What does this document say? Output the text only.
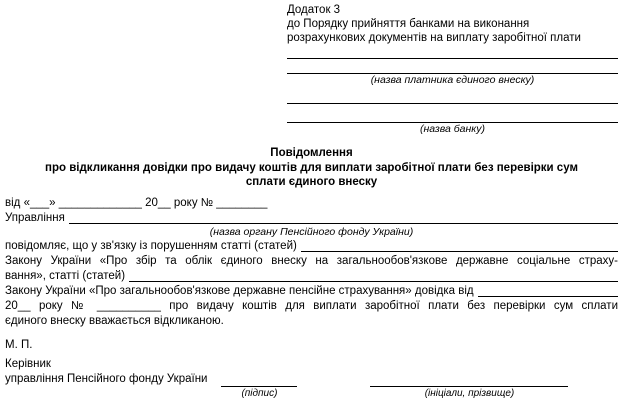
Додаток 3
до Порядку прийняття банками на виконання
розрахункових документів на виплату заробітної плати
(назва платника єдиного внеску)
(назва банку)
Повідомлення
про відкликання довідки про видачу коштів для виплати заробітної плати без перевірки сум
сплати єдиного внеску
від «___» _____________ 20__ року № ________
Управління
(назва органу Пенсійного фонду України)
повідомляє, що у зв'язку із порушенням статті (статей)
Закону України «Про збір та облік єдиного внеску на загальнообов'язкове державне соціальне страху-
вання», статті (статей)
Закону України «Про загальнообов'язкове державне пенсійне страхування» довідка від
20__ року № __________ про видачу коштів для виплати заробітної плати без перевірки сум сплати
єдиного внеску вважається відкликаною.
М. П.
Керівник
управління Пенсійного фонду України
(підпис)	(ініціали, прізвище)
